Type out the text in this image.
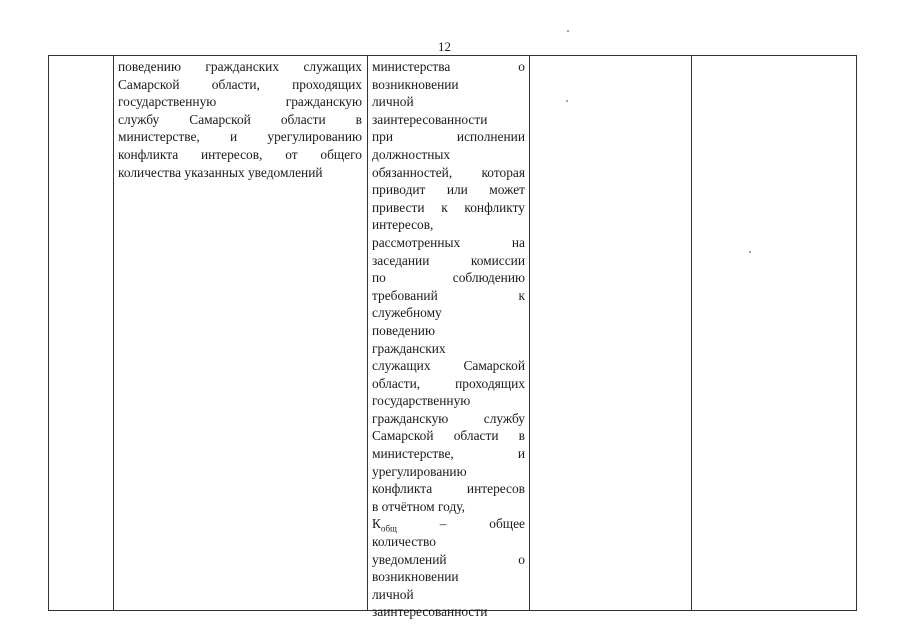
12
поведению гражданских служащих
Самарской области, проходящих
государственную гражданскую
службу Самарской области в
министерстве, и урегулированию
конфликта интересов, от общего
количества указанных уведомлений
министерства о
возникновении
личной
заинтересованности
при исполнении
должностных
обязанностей, которая
приводит или может
привести к конфликту
интересов,
рассмотренных на
заседании комиссии
по соблюдению
требований к
служебному
поведению
гражданских
служащих Самарской
области, проходящих
государственную
гражданскую службу
Самарской области в
министерстве, и
урегулированию
конфликта интересов
в отчётном году,
$К_{общ}$	–	общее
количество
уведомлений о
возникновении
личной
заинтересованности
